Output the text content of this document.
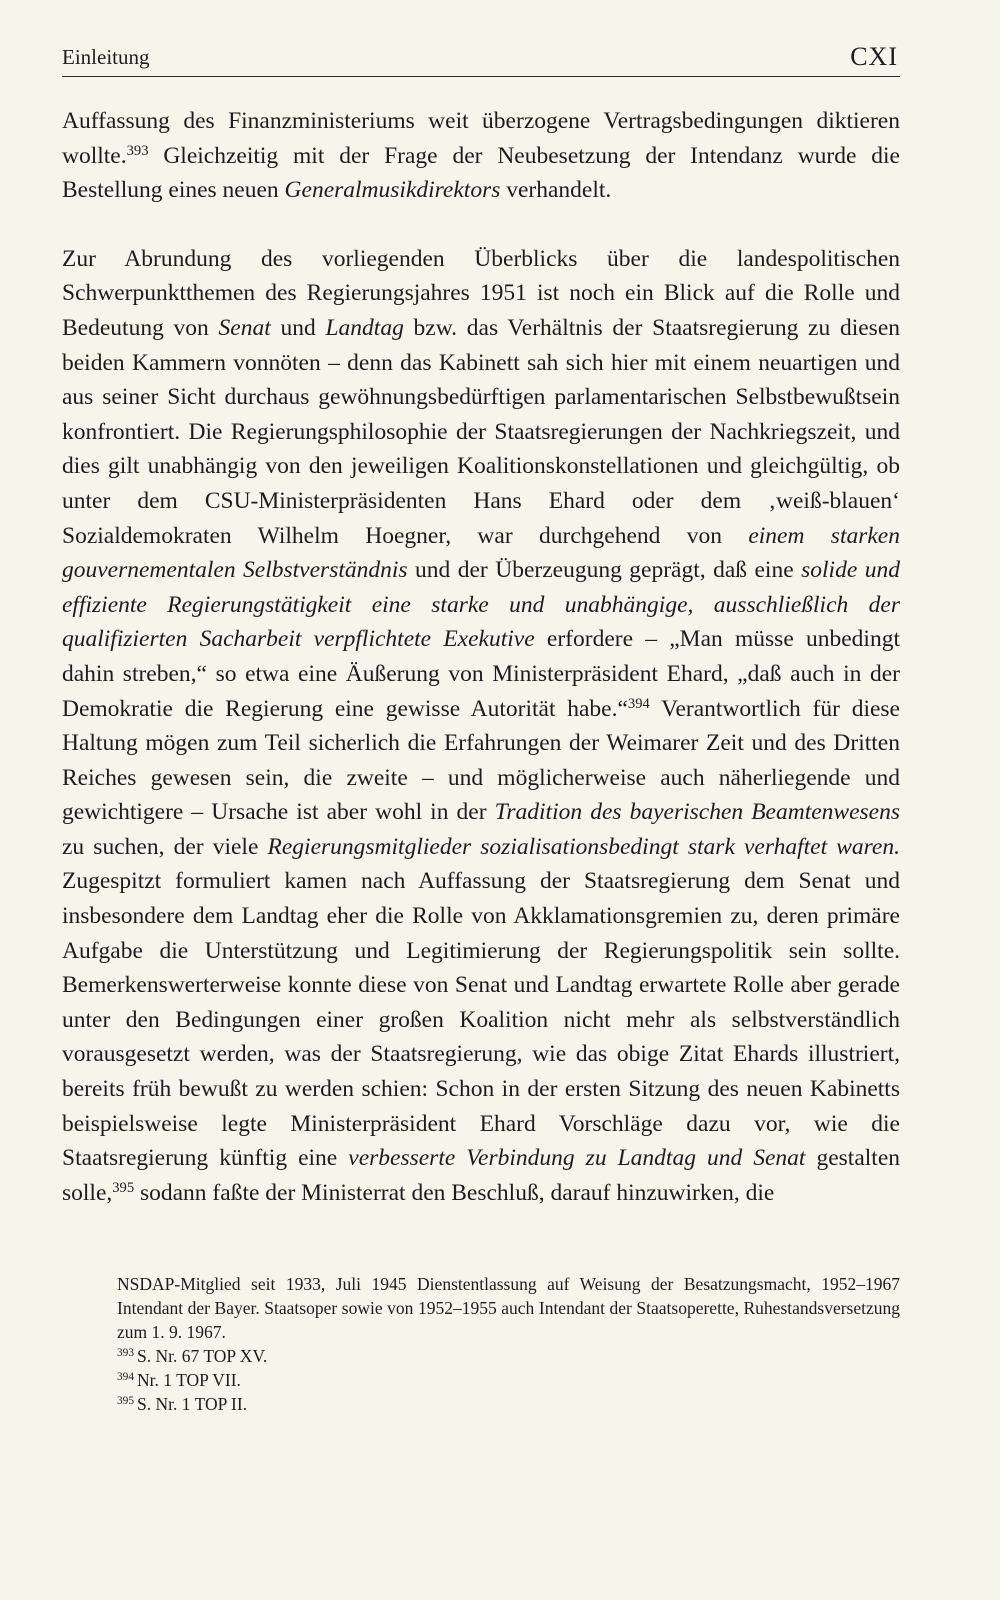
Einleitung	CXI

Auffassung des Finanzministeriums weit überzogene Vertragsbedingungen diktieren wollte.$^{393}$ Gleichzeitig mit der Frage der Neubesetzung der Intendanz wurde die Bestellung eines neuen Generalmusikdirektors verhandelt.

Zur Abrundung des vorliegenden Überblicks über die landespolitischen Schwerpunktthemen des Regierungsjahres 1951 ist noch ein Blick auf die Rolle und Bedeutung von Senat und Landtag bzw. das Verhältnis der Staatsregierung zu diesen beiden Kammern vonnöten – denn das Kabinett sah sich hier mit einem neuartigen und aus seiner Sicht durchaus gewöhnungsbedürftigen parlamentarischen Selbstbewußtsein konfrontiert. Die Regierungsphilosophie der Staatsregierungen der Nachkriegszeit, und dies gilt unabhängig von den jeweiligen Koalitionskonstellationen und gleichgültig, ob unter dem CSU-Ministerpräsidenten Hans Ehard oder dem ‚weiß-blauen‘ Sozialdemokraten Wilhelm Hoegner, war durchgehend von einem starken gouvernementalen Selbstverständnis und der Überzeugung geprägt, daß eine solide und effiziente Regierungstätigkeit eine starke und unabhängige, ausschließlich der qualifizierten Sacharbeit verpflichtete Exekutive erfordere – „Man müsse unbedingt dahin streben,“ so etwa eine Äußerung von Ministerpräsident Ehard, „daß auch in der Demokratie die Regierung eine gewisse Autorität habe.“$^{394}$ Verantwortlich für diese Haltung mögen zum Teil sicherlich die Erfahrungen der Weimarer Zeit und des Dritten Reiches gewesen sein, die zweite – und möglicherweise auch näherliegende und gewichtigere – Ursache ist aber wohl in der Tradition des bayerischen Beamtenwesens zu suchen, der viele Regierungsmitglieder sozialisationsbedingt stark verhaftet waren. Zugespitzt formuliert kamen nach Auffassung der Staatsregierung dem Senat und insbesondere dem Landtag eher die Rolle von Akklamationsgremien zu, deren primäre Aufgabe die Unterstützung und Legitimierung der Regierungspolitik sein sollte. Bemerkenswerterweise konnte diese von Senat und Landtag erwartete Rolle aber gerade unter den Bedingungen einer großen Koalition nicht mehr als selbstverständlich vorausgesetzt werden, was der Staatsregierung, wie das obige Zitat Ehards illustriert, bereits früh bewußt zu werden schien: Schon in der ersten Sitzung des neuen Kabinetts beispielsweise legte Ministerpräsident Ehard Vorschläge dazu vor, wie die Staatsregierung künftig eine verbesserte Verbindung zu Landtag und Senat gestalten solle,$^{395}$ sodann faßte der Ministerrat den Beschluß, darauf hinzuwirken, die

NSDAP-Mitglied seit 1933, Juli 1945 Dienstentlassung auf Weisung der Besatzungsmacht, 1952–1967 Intendant der Bayer. Staatsoper sowie von 1952–1955 auch Intendant der Staatsoperette, Ruhestandsversetzung zum 1. 9. 1967.

$^{393}$ S. Nr. 67 TOP XV.

$^{394}$ Nr. 1 TOP VII.

$^{395}$ S. Nr. 1 TOP II.
